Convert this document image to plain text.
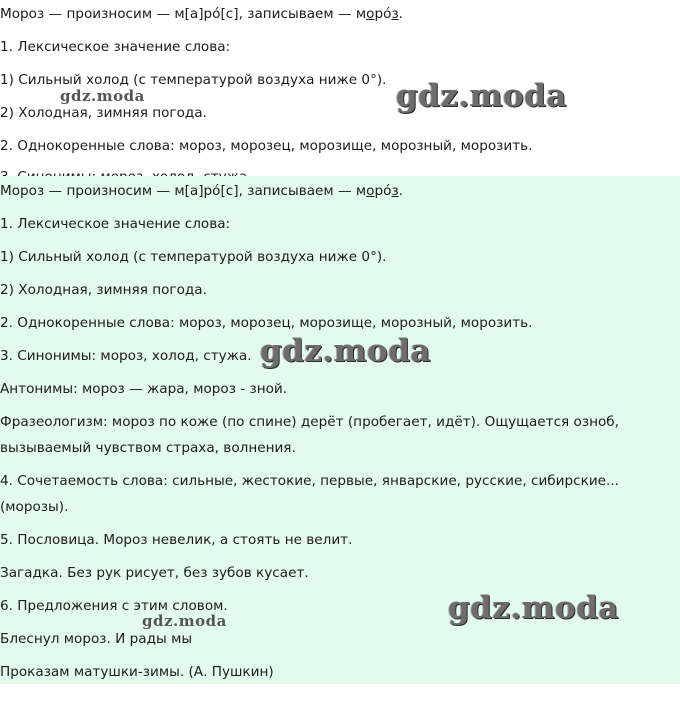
Мороз — произносим — м[а]ро́[с], записываем — моро́з.

1. Лексическое значение слова:

1) Сильный холод (с температурой воздуха ниже 0°).

2) Холодная, зимняя погода.

2. Однокоренные слова: мороз, морозец, морозище, морозный, морозить.

Мороз — произносим — м[а]ро́[с], записываем — моро́з.

1. Лексическое значение слова:

1) Сильный холод (с температурой воздуха ниже 0°).

2) Холодная, зимняя погода.

2. Однокоренные слова: мороз, морозец, морозище, морозный, морозить.

3. Синонимы: мороз, холод, стужа.

Антонимы: мороз — жара, мороз - зной.

Фразеологизм: мороз по коже (по спине) дерёт (пробегает, идёт). Ощущается озноб,

вызываемый чувством страха, волнения.

4. Сочетаемость слова: сильные, жестокие, первые, январские, русские, сибирские...

(морозы).

5. Пословица. Мороз невелик, а стоять не велит.

Загадка. Без рук рисует, без зубов кусает.

6. Предложения с этим словом.

Блеснул мороз. И рады мы

Проказам матушки-зимы. (А. Пушкин)

gdz.moda
gdz.moda
gdz.moda
gdz.moda
gdz.moda
